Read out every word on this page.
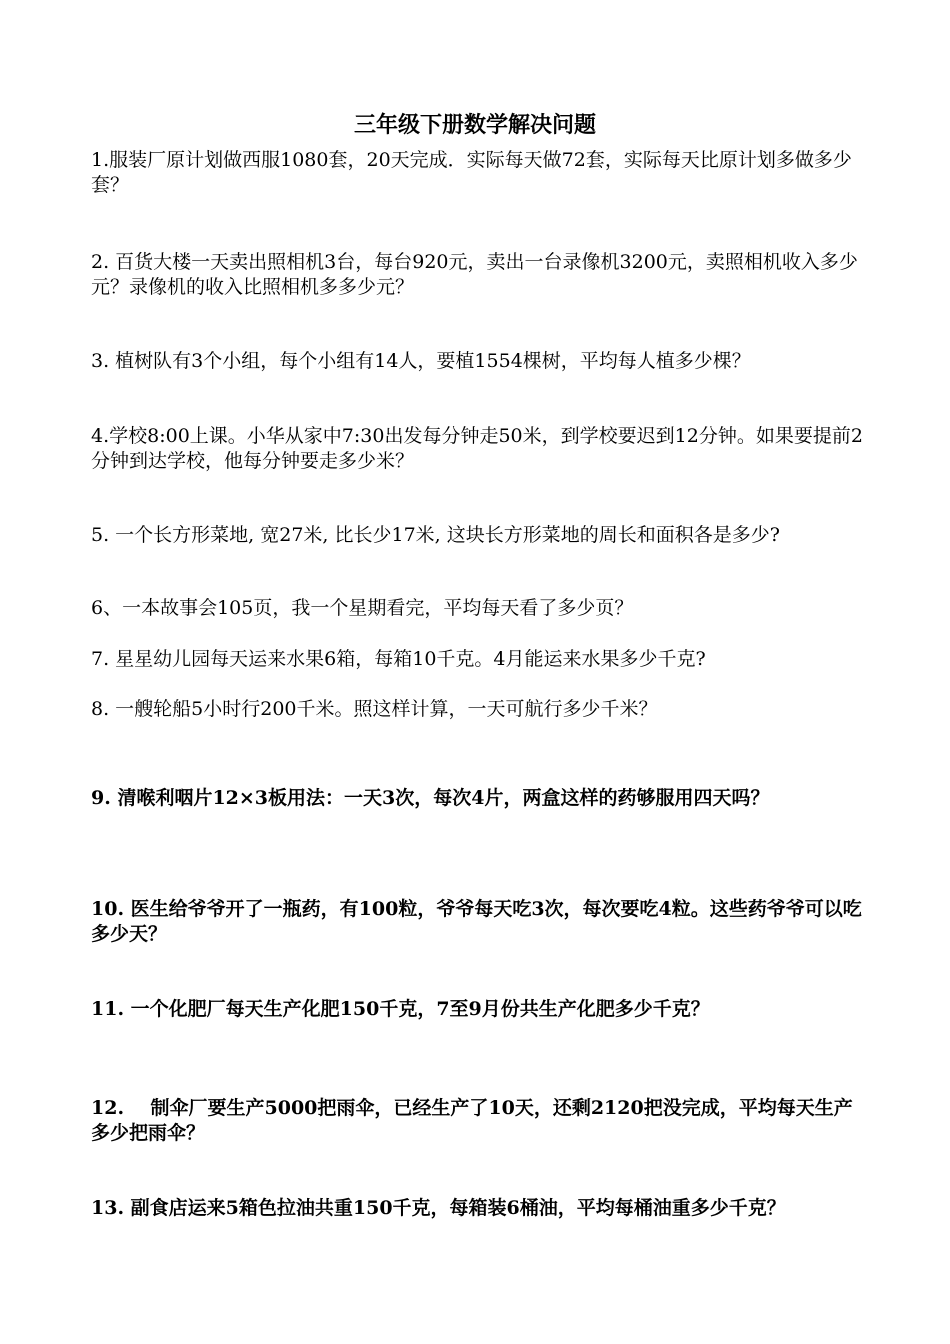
三年级下册数学解决问题
1.服装厂原计划做西服1080套，20天完成．实际每天做72套，实际每天比原计划多做多少套？
2. 百货大楼一天卖出照相机3台，每台920元，卖出一台录像机3200元，卖照相机收入多少元？录像机的收入比照相机多多少元？
3. 植树队有3个小组，每个小组有14人，要植1554棵树，平均每人植多少棵？
4.学校8:00上课。小华从家中7:30出发每分钟走50米，到学校要迟到12分钟。如果要提前2分钟到达学校，他每分钟要走多少米？
5. 一个长方形菜地, 宽27米, 比长少17米, 这块长方形菜地的周长和面积各是多少?
6、一本故事会105页，我一个星期看完，平均每天看了多少页？
7. 星星幼儿园每天运来水果6箱，每箱10千克。4月能运来水果多少千克?
8. 一艘轮船5小时行200千米。照这样计算，一天可航行多少千米？
9. 清喉利咽片12×3板用法：一天3次，每次4片，两盒这样的药够服用四天吗？
10. 医生给爷爷开了一瓶药，有100粒，爷爷每天吃3次，每次要吃4粒。这些药爷爷可以吃多少天？
11. 一个化肥厂每天生产化肥150千克，7至9月份共生产化肥多少千克？
12.    制伞厂要生产5000把雨伞，已经生产了10天，还剩2120把没完成，平均每天生产多少把雨伞？
13. 副食店运来5箱色拉油共重150千克，每箱装6桶油，平均每桶油重多少千克？
